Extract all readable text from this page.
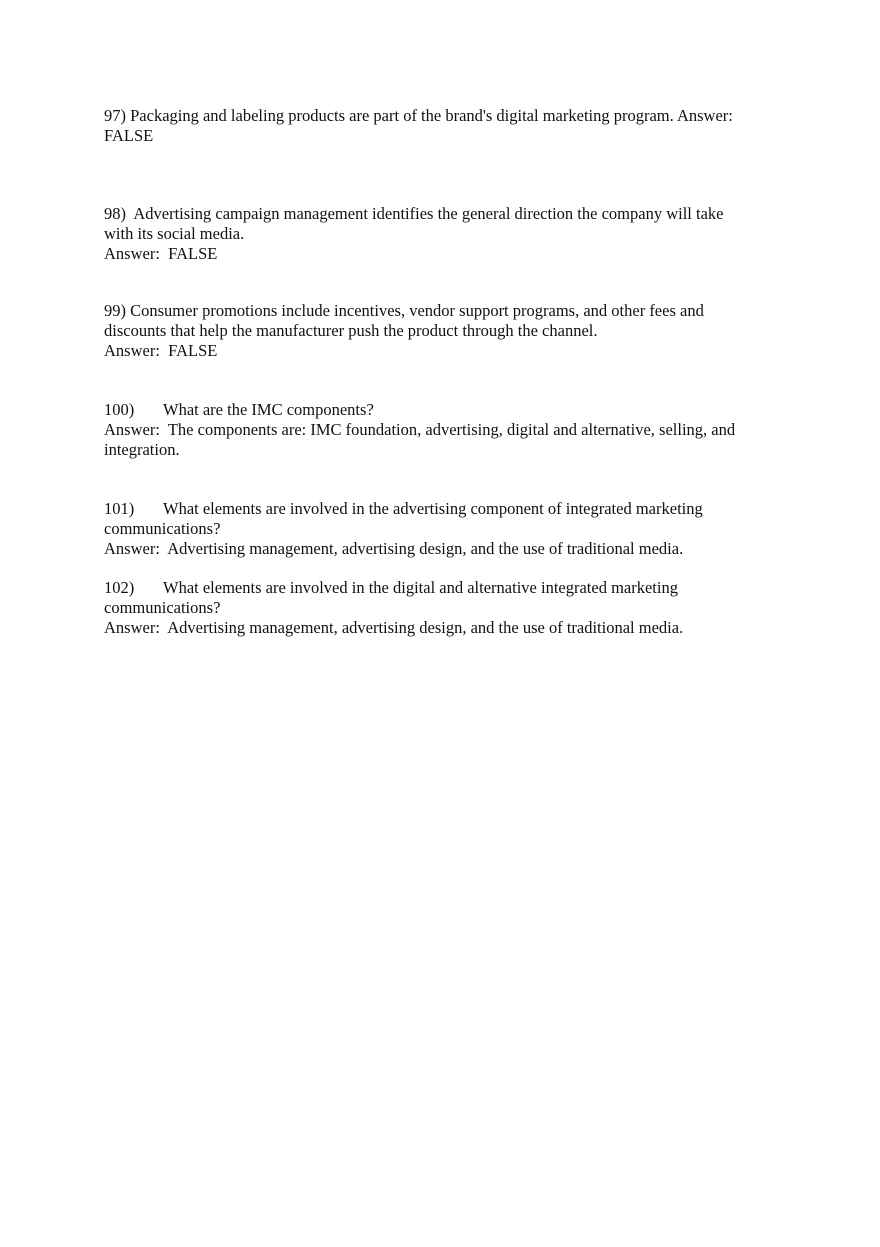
97) Packaging and labeling products are part of the brand's digital marketing program. Answer:
FALSE
98)  Advertising campaign management identifies the general direction the company will take
with its social media.
Answer:  FALSE
99) Consumer promotions include incentives, vendor support programs, and other fees and
discounts that help the manufacturer push the product through the channel.
Answer:  FALSE
100) What are the IMC components?
Answer:  The components are: IMC foundation, advertising, digital and alternative, selling, and
integration.
101) What elements are involved in the advertising component of integrated marketing
communications?
Answer:  Advertising management, advertising design, and the use of traditional media.
102) What elements are involved in the digital and alternative integrated marketing
communications?
Answer:  Advertising management, advertising design, and the use of traditional media.
